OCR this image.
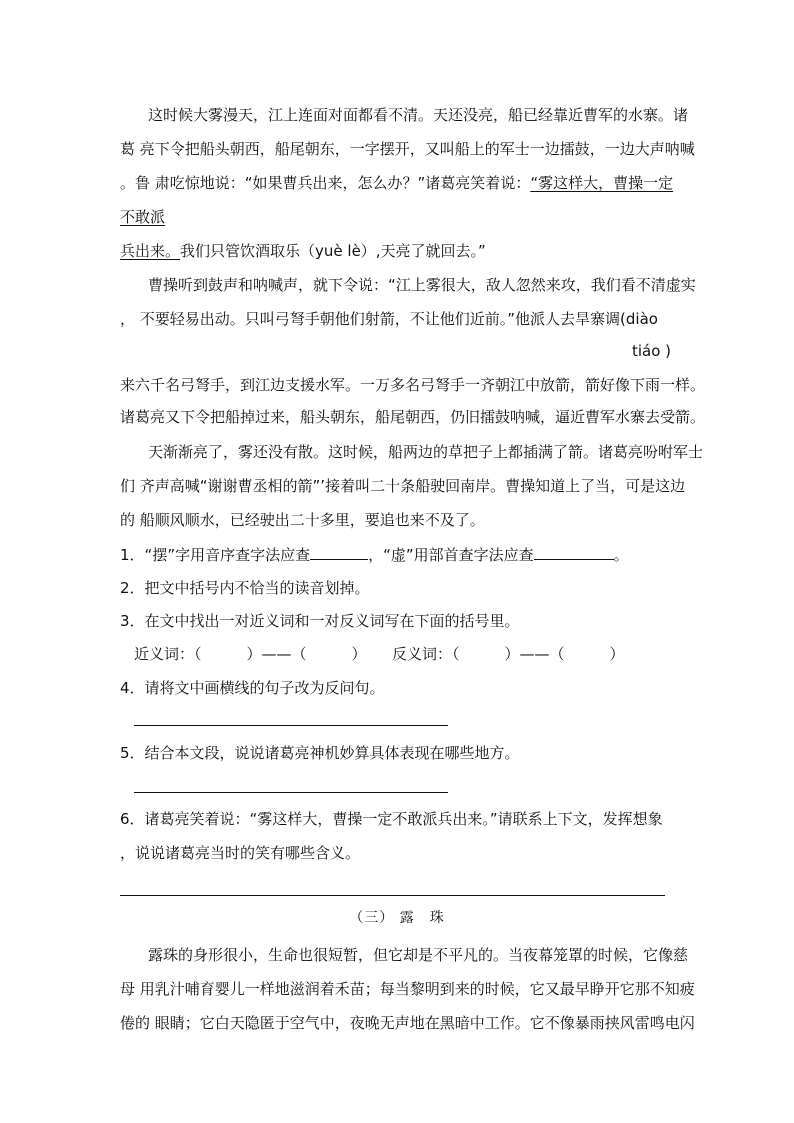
这时候大雾漫天，江上连面对面都看不清。天还没亮，船已经靠近曹军的水寨。诸
葛 亮下令把船头朝西，船尾朝东，一字摆开，又叫船上的军士一边擂鼓，一边大声呐喊
。鲁 肃吃惊地说：“如果曹兵出来，怎么办？”诸葛亮笑着说：“雾这样大，曹操一定
不敢派
兵出来。我们只管饮酒取乐（yuè lè）,天亮了就回去。”
曹操听到鼓声和呐喊声，就下令说：“江上雾很大，敌人忽然来攻，我们看不清虚实
， 不要轻易出动。只叫弓弩手朝他们射箭，不让他们近前。”他派人去旱寨调(diào
tiáo )
来六千名弓弩手，到江边支援水军。一万多名弓弩手一齐朝江中放箭，箭好像下雨一样。
诸葛亮又下令把船掉过来，船头朝东，船尾朝西，仍旧擂鼓呐喊，逼近曹军水寨去受箭。
天渐渐亮了，雾还没有散。这时候，船两边的草把子上都插满了箭。诸葛亮吩咐军士
们 齐声高喊“谢谢曹丞相的箭”’接着叫二十条船驶回南岸。曹操知道上了当，可是这边
的 船顺风顺水，已经驶出二十多里，要追也来不及了。
1．“摆”字用音序查字法应查	，“虚”用部首查字法应查	。
2．把文中括号内不恰当的读音划掉。
3．在文中找出一对近义词和一对反义词写在下面的括号里。
近义词：（　　　）——（　　　） 反义词：（　　　）——（　　　）
4．请将文中画横线的句子改为反问句。
5．结合本文段，说说诸葛亮神机妙算具体表现在哪些地方。
6．诸葛亮笑着说：“雾这样大，曹操一定不敢派兵出来。”请联系上下文，发挥想象
，说说诸葛亮当时的笑有哪些含义。
（三） 露　珠
露珠的身形很小，生命也很短暂，但它却是不平凡的。当夜幕笼罩的时候，它像慈
母 用乳汁哺育婴儿一样地滋润着禾苗；每当黎明到来的时候，它又最早睁开它那不知疲
倦的 眼睛；它白天隐匿于空气中，夜晚无声地在黑暗中工作。它不像暴雨挟风雷鸣电闪
